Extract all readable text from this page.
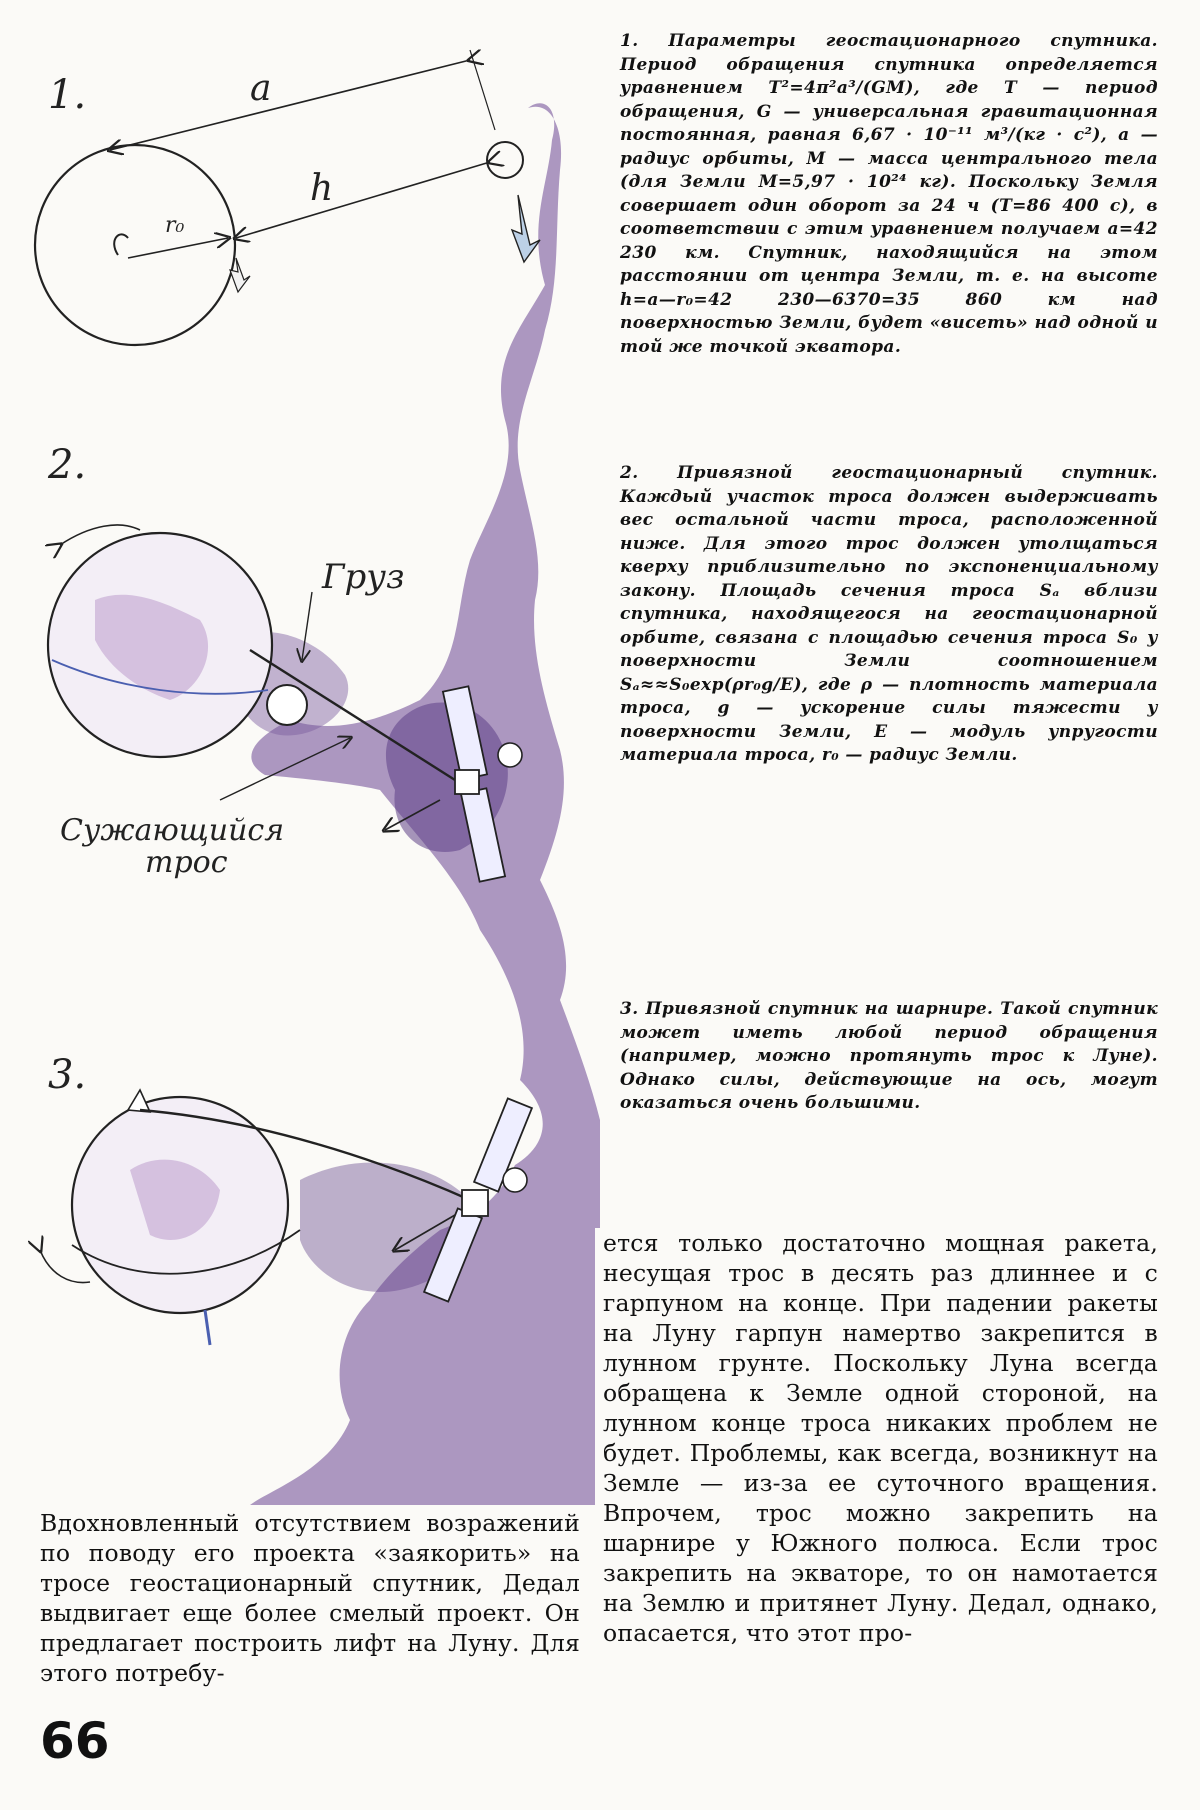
1.
r₀
a
h
2.
Груз
Сужающийся
трос
3.

1. Параметры геостационарного спутника. Период обращения спутника определяется уравнением T²=4π²a³/(GM), где T — период обращения, G — универсальная гравитационная постоянная, равная 6,67 · 10⁻¹¹ м³/(кг · с²), a — радиус орбиты, M — масса центрального тела (для Земли M=5,97 · 10²⁴ кг). Поскольку Земля совершает один оборот за 24 ч (T=86 400 с), в соответствии с этим уравнением получаем a=42 230 км. Спутник, находящийся на этом расстоянии от центра Земли, т. е. на высоте h=a—r₀=42 230—6370=35 860 км над поверхностью Земли, будет «висеть» над одной и той же точкой экватора.

2. Привязной геостационарный спутник. Каждый участок троса должен выдерживать вес остальной части троса, расположенной ниже. Для этого трос должен утолщаться кверху приблизительно по экспоненциальному закону. Площадь сечения троса Sₐ вблизи спутника, находящегося на геостационарной орбите, связана с площадью сечения троса S₀ у поверхности Земли соотношением Sₐ≈≈S₀exp(ρr₀g/E), где ρ — плотность материала троса, g — ускорение силы тяжести у поверхности Земли, E — модуль упругости материала троса, r₀ — радиус Земли.

3. Привязной спутник на шарнире. Такой спутник может иметь любой период обращения (например, можно протянуть трос к Луне). Однако силы, действующие на ось, могут оказаться очень большими.

ется только достаточно мощная ракета, несущая трос в десять раз длиннее и с гарпуном на конце. При падении ракеты на Луну гарпун намертво закрепится в лунном грунте. Поскольку Луна всегда обращена к Земле одной стороной, на лунном конце троса никаких проблем не будет. Проблемы, как всегда, возникнут на Земле — из-за ее суточного вращения. Впрочем, трос можно закрепить на шарнире у Южного полюса. Если трос закрепить на экваторе, то он намотается на Землю и притянет Луну. Дедал, однако, опасается, что этот про-

Вдохновленный отсутствием возражений по поводу его проекта «заякорить» на тросе геостационарный спутник, Дедал выдвигает еще более смелый проект. Он предлагает построить лифт на Луну. Для этого потребу-

66
